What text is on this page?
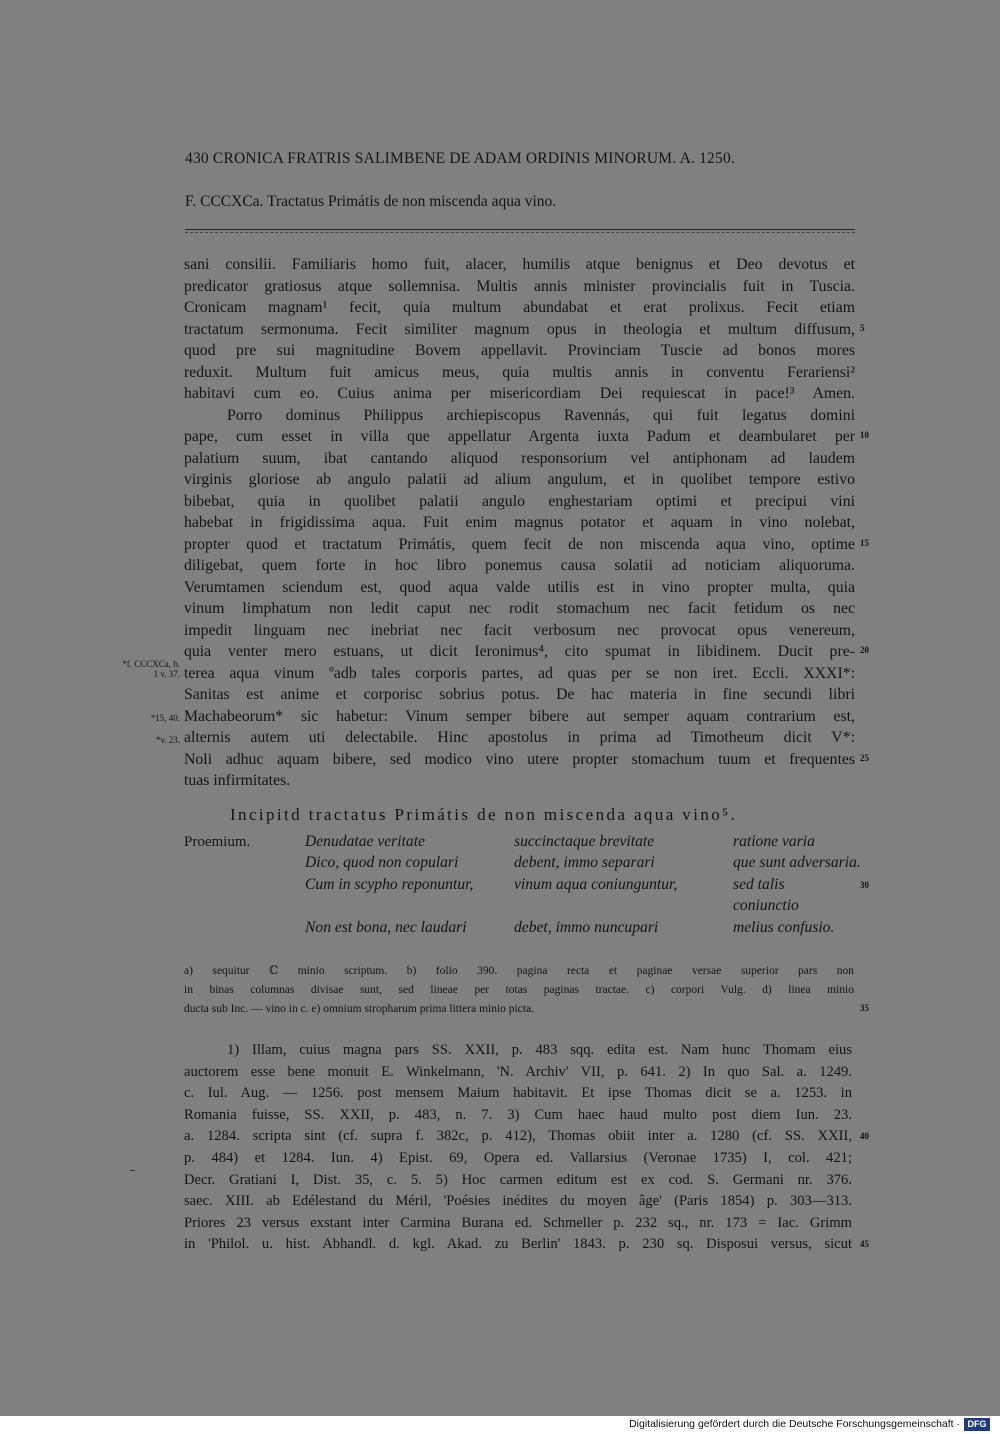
430 CRONICA FRATRIS SALIMBENE DE ADAM ORDINIS MINORUM. A. 1250.
F. CCCXCa. Tractatus Primátis de non miscenda aqua vino.
sani consilii. Familiaris homo fuit, alacer, humilis atque benignus et Deo devotus et
predicator gratiosus atque sollemnisa. Multis annis minister provincialis fuit in Tuscia.
Cronicam magnam¹ fecit, quia multum abundabat et erat prolixus. Fecit etiam
tractatum sermonuma. Fecit similiter magnum opus in theologia et multum diffusum,
quod pre sui magnitudine Bovem appellavit. Provinciam Tuscie ad bonos mores
reduxit. Multum fuit amicus meus, quia multis annis in conventu Ferariensi²
habitavi cum eo. Cuius anima per misericordiam Dei requiescat in pace!³ Amen.
Porro dominus Philippus archiepiscopus Ravennás, qui fuit legatus domini
pape, cum esset in villa que appellatur Argenta iuxta Padum et deambularet per
palatium suum, ibat cantando aliquod responsorium vel antiphonam ad laudem
virginis gloriose ab angulo palatii ad alium angulum, et in quolibet tempore estivo
bibebat, quia in quolibet palatii angulo enghestariam optimi et precipui vini
habebat in frigidissima aqua. Fuit enim magnus potator et aquam in vino nolebat,
propter quod et tractatum Primátis, quem fecit de non miscenda aqua vino, optime
diligebat, quem forte in hoc libro ponemus causa solatii ad noticiam aliquoruma.
Verumtamen sciendum est, quod aqua valde utilis est in vino propter multa, quia
vinum limphatum non ledit caput nec rodit stomachum nec facit fetidum os nec
impedit linguam nec inebriat nec facit verbosum nec provocat opus venereum,
quia venter mero estuans, ut dicit Ieronimus⁴, cito spumat in libidinem. Ducit pre-
terea aqua vinum ºadb tales corporis partes, ad quas per se non iret. Eccli. XXXI*:
Sanitas est anime et corporisc sobrius potus. De hac materia in fine secundi libri
Machabeorum* sic habetur: Vinum semper bibere aut semper aquam contrarium est,
alternis autem uti delectabile. Hinc apostolus in prima ad Timotheum dicit V*:
Noli adhuc aquam bibere, sed modico vino utere propter stomachum tuum et frequentes
tuas infirmitates.
*f. CCCXCa, b.
1 v. 37.
*15, 40.
*v. 23.
Incipitd tractatus Primátis de non miscenda aqua vino⁵.
Proemium.	Denudatae veritate	succinctaque brevitate	ratione varia
Dico, quod non copulari	debent, immo separari	que sunt adversaria.
Cum in scypho reponuntur,	vinum aqua coniunguntur,	sed talis
coniunctio
Non est bona, nec laudari	debet, immo nuncupari	melius confusio.
30
a) sequitur ℂ minio scriptum. b) folio 390. pagina recta et paginae versae superior pars non
in binas columnas divisae sunt, sed lineae per totas paginas tractae. c) corpori Vulg. d) linea minio
ducta sub Inc. — vino in c. e) omnium stropharum prima littera minio picta.	35
1) Illam, cuius magna pars SS. XXII, p. 483 sqq. edita est. Nam hunc Thomam eius
auctorem esse bene monuit E. Winkelmann, 'N. Archiv' VII, p. 641. 2) In quo Sal. a. 1249.
c. Iul. Aug. — 1256. post mensem Maium habitavit. Et ipse Thomas dicit se a. 1253. in
Romania fuisse, SS. XXII, p. 483, n. 7. 3) Cum haec haud multo post diem Iun. 23.
a. 1284. scripta sint (cf. supra f. 382c, p. 412), Thomas obiit inter a. 1280 (cf. SS. XXII,
p. 484) et 1284. Iun. 4) Epist. 69, Opera ed. Vallarsius (Veronae 1735) I, col. 421;
Decr. Gratiani I, Dist. 35, c. 5. 5) Hoc carmen editum est ex cod. S. Germani nr. 376.
saec. XIII. ab Edélestand du Méril, 'Poésies inédites du moyen âge' (Paris 1854) p. 303—313.
Priores 23 versus exstant inter Carmina Burana ed. Schmeller p. 232 sq., nr. 173 = Iac. Grimm
in 'Philol. u. hist. Abhandl. d. kgl. Akad. zu Berlin' 1843. p. 230 sq. Disposui versus, sicut
Digitalisierung gefördert durch die Deutsche Forschungsgemeinschaft · DFG
5
10
15
20
25
40
45
